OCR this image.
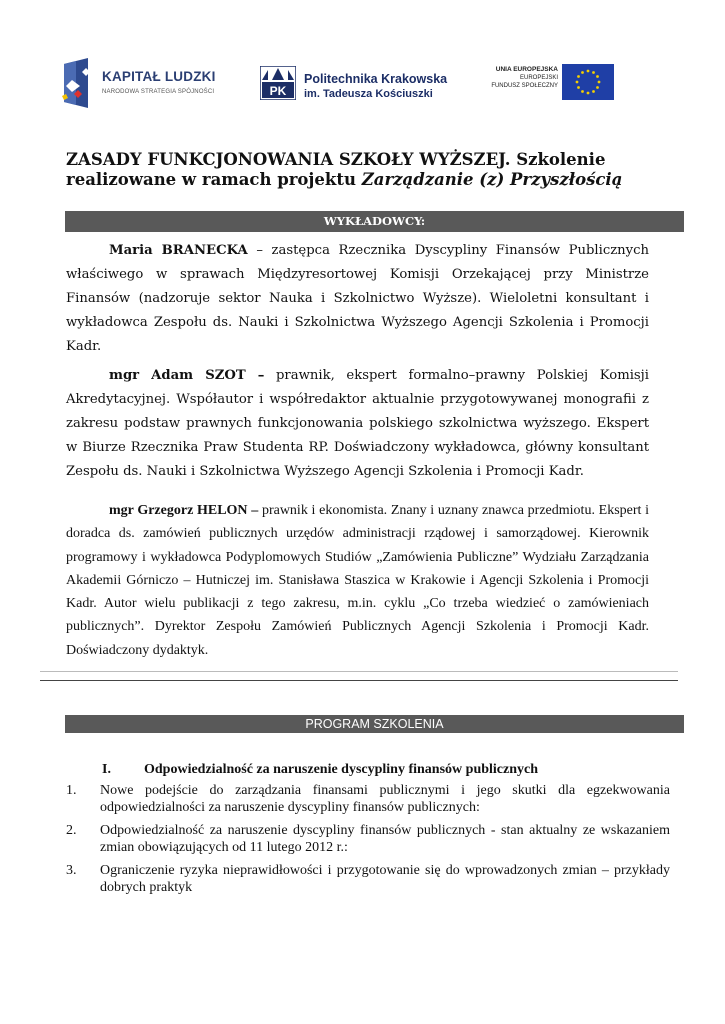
KAPITAŁ LUDZKI
NARODOWA STRATEGIA SPÓJNOŚCI	PK
Politechnika Krakowska
im. Tadeusza Kościuszki
UNIA EUROPEJSKA
EUROPEJSKI
FUNDUSZ SPOŁECZNY
ZASADY FUNKCJONOWANIA SZKOŁY WYŻSZEJ. Szkolenie realizowane w ramach projektu Zarządzanie (z) Przyszłością
WYKŁADOWCY:

Maria BRANECKA – zastępca Rzecznika Dyscypliny Finansów Publicznych właściwego w sprawach Międzyresortowej Komisji Orzekającej przy Ministrze Finansów (nadzoruje sektor Nauka i Szkolnictwo Wyższe). Wieloletni konsultant i wykładowca Zespołu ds. Nauki i Szkolnictwa Wyższego Agencji Szkolenia i Promocji Kadr.

mgr Adam SZOT – prawnik, ekspert formalno–prawny Polskiej Komisji Akredytacyjnej. Współautor i współredaktor aktualnie przygotowywanej monografii z zakresu podstaw prawnych funkcjonowania polskiego szkolnictwa wyższego. Ekspert w Biurze Rzecznika Praw Studenta RP. Doświadczony wykładowca, główny konsultant Zespołu ds. Nauki i Szkolnictwa Wyższego Agencji Szkolenia i Promocji Kadr.

mgr Grzegorz HELON – prawnik i ekonomista. Znany i uznany znawca przedmiotu. Ekspert i doradca ds. zamówień publicznych urzędów administracji rządowej i samorządowej. Kierownik programowy i wykładowca Podyplomowych Studiów „Zamówienia Publiczne” Wydziału Zarządzania Akademii Górniczo – Hutniczej im. Stanisława Staszica w Krakowie i Agencji Szkolenia i Promocji Kadr. Autor wielu publikacji z tego zakresu, m.in. cyklu „Co trzeba wiedzieć o zamówieniach publicznych”. Dyrektor Zespołu Zamówień Publicznych Agencji Szkolenia i Promocji Kadr. Doświadczony dydaktyk.

PROGRAM SZKOLENIA
I. Odpowiedzialność za naruszenie dyscypliny finansów publicznych
1. Nowe podejście do zarządzania finansami publicznymi i jego skutki dla egzekwowania odpowiedzialności za naruszenie dyscypliny finansów publicznych:
2. Odpowiedzialność za naruszenie dyscypliny finansów publicznych - stan aktualny ze wskazaniem zmian obowiązujących od 11 lutego 2012 r.:
3. Ograniczenie ryzyka nieprawidłowości i przygotowanie się do wprowadzonych zmian – przykłady dobrych praktyk
